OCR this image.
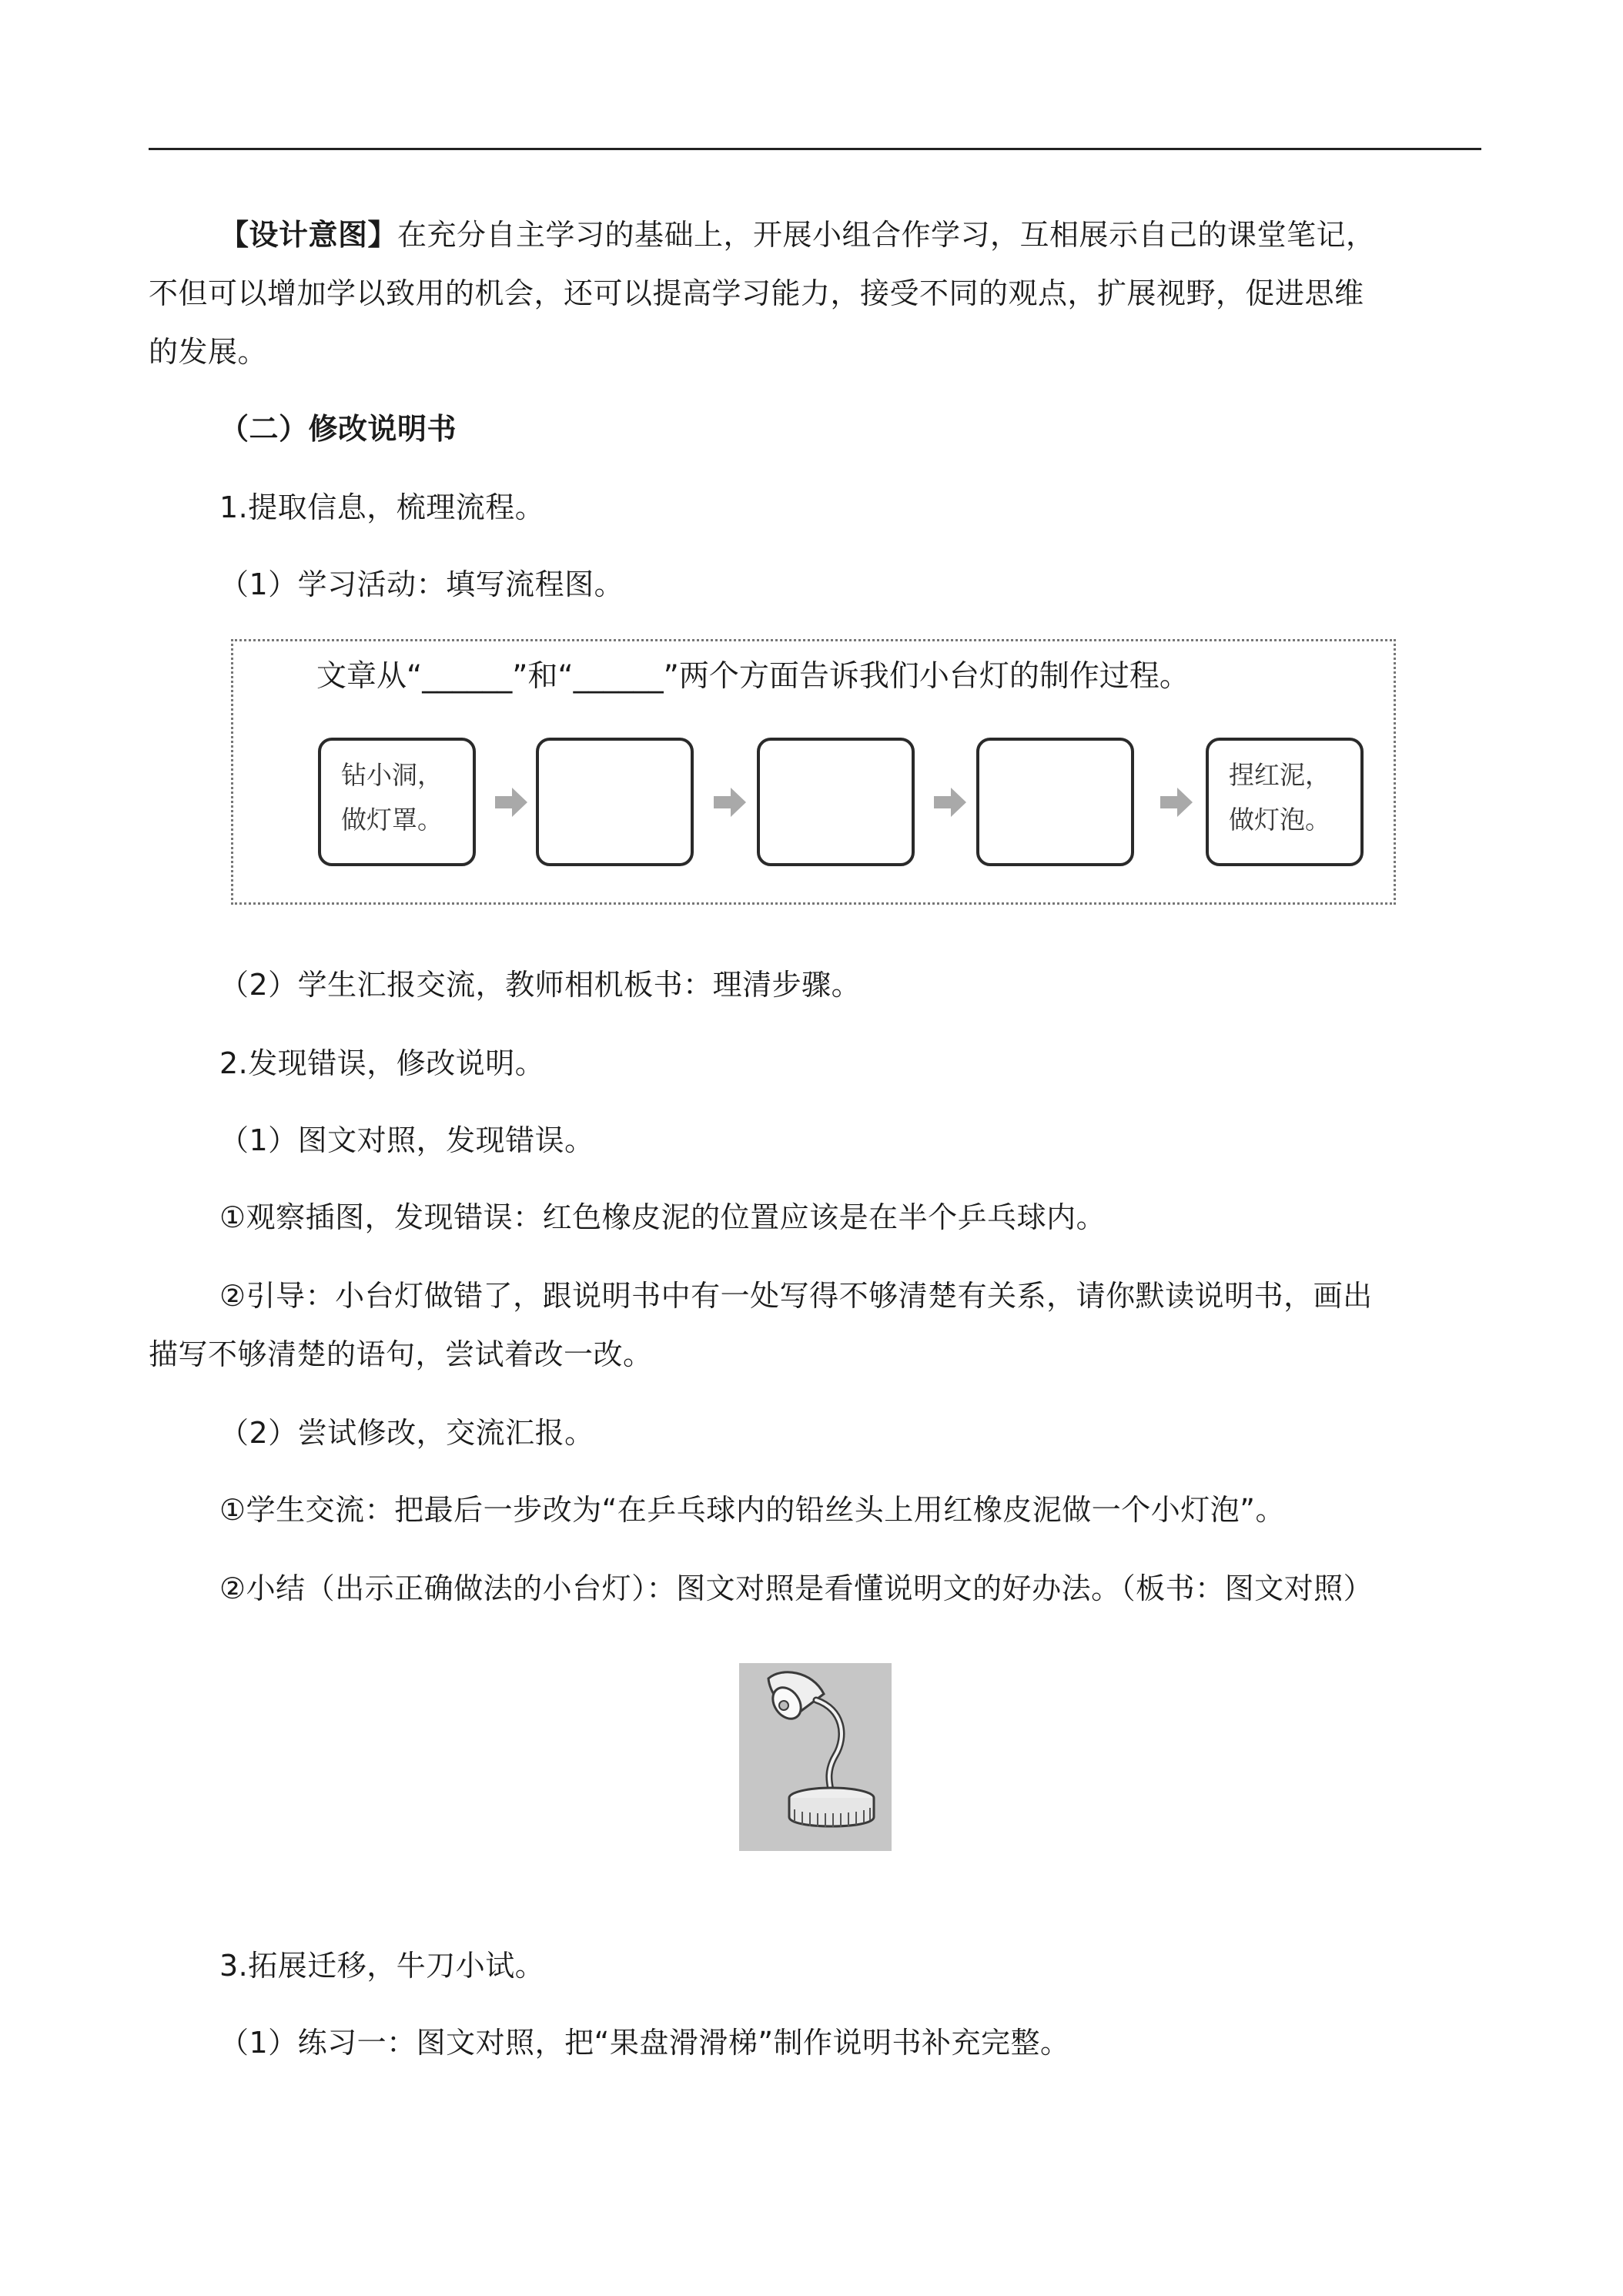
【设计意图】在充分自主学习的基础上，开展小组合作学习，互相展示自己的课堂笔记，
不但可以增加学以致用的机会，还可以提高学习能力，接受不同的观点，扩展视野，促进思维
的发展。
（二）修改说明书
1.提取信息，梳理流程。
（1）学习活动：填写流程图。
文章从“______”和“______”两个方面告诉我们小台灯的制作过程。
钻小洞，
做灯罩。
捏红泥，
做灯泡。
（2）学生汇报交流，教师相机板书：理清步骤。
2.发现错误，修改说明。
（1）图文对照，发现错误。
①观察插图，发现错误：红色橡皮泥的位置应该是在半个乒乓球内。
②引导：小台灯做错了，跟说明书中有一处写得不够清楚有关系，请你默读说明书，画出
描写不够清楚的语句，尝试着改一改。
（2）尝试修改，交流汇报。
①学生交流：把最后一步改为“在乒乓球内的铅丝头上用红橡皮泥做一个小灯泡”。
②小结（出示正确做法的小台灯）：图文对照是看懂说明文的好办法。（板书：图文对照）
3.拓展迁移，牛刀小试。
（1）练习一：图文对照，把“果盘滑滑梯”制作说明书补充完整。
